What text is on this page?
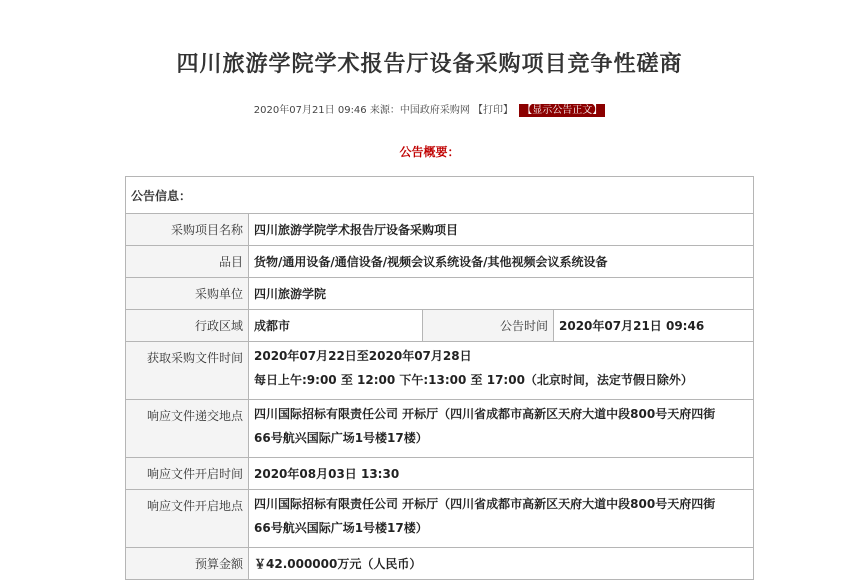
四川旅游学院学术报告厅设备采购项目竞争性磋商
2020年07月21日 09:46 来源：中国政府采购网 【打印】 【显示公告正文】
公告概要：
公告信息：			
采购项目名称	四川旅游学院学术报告厅设备采购项目		
品目	货物/通用设备/通信设备/视频会议系统设备/其他视频会议系统设备		
采购单位	四川旅游学院		
行政区域	成都市	公告时间	2020年07月21日 09:46
获取采购文件时间	2020年07月22日至2020年07月28日
每日上午:9:00 至 12:00 下午:13:00 至 17:00（北京时间，法定节假日除外）		

响应文件递交地点	四川国际招标有限责任公司 开标厅（四川省成都市高新区天府大道中段800号天府四街
66号航兴国际广场1号楼17楼）		

响应文件开启时间	2020年08月03日 13:30		
响应文件开启地点	四川国际招标有限责任公司 开标厅（四川省成都市高新区天府大道中段800号天府四街
66号航兴国际广场1号楼17楼）		

预算金额	￥42.000000万元（人民币）		
